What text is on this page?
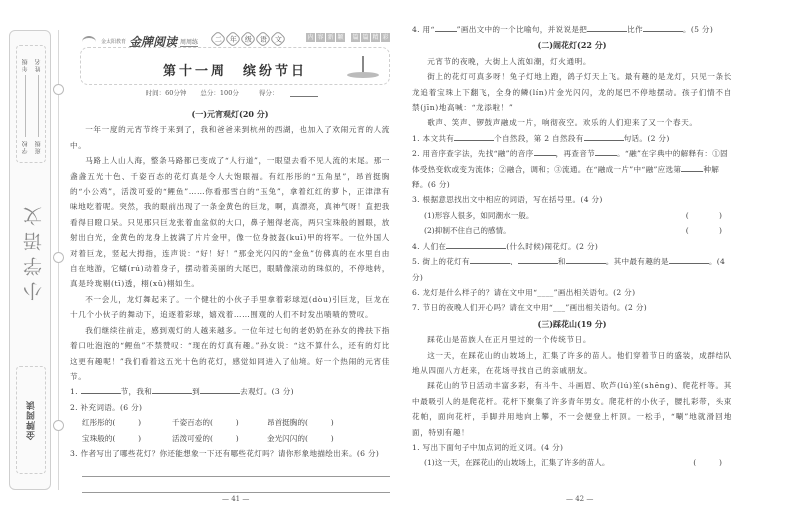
年级
学校
姓名
班级
小学语文
金牌阅读
金太阳教育 金牌阅读 周周练	二	年	级	语	文	内 容 新 颖 篇 篇 精 彩
第十一周　缤纷节日
时间：60分钟 总分：100分	得分：
(一)元宵观灯(20 分)

一年一度的元宵节终于来到了，我和爸爸来到杭州的西湖，也加入了欢闹元宵的人流中。

马路上人山人海，整条马路都已变成了“人行道”，一眼望去看不见人流的末尾。那一盏盏五光十色、千姿百态的花灯真是令人大饱眼福。有红彤彤的“五角星”，昂首挺胸的“小公鸡”，活泼可爱的“鲤鱼”……你看那雪白的“玉兔”，拿着红红的萝卜，正津津有味地吃着呢。突然，我的眼前出现了一条金黄色的巨龙，啊，真漂亮，真神气呀！直把我看得目瞪口呆。只见那只巨龙张着血盆似的大口，鼻子翘得老高，两只宝珠般的圆眼，放射出白光，金黄色的龙身上披满了片片金甲，像一位身披盔(kuī)甲的将军。一位外国人对着巨龙，竖起大拇指，连声说：“好！好！”那金光闪闪的“金鱼”仿佛真的在水里自由自在地游，它蠕(rú)动着身子，摆动着美丽的大尾巴，眼睛像滚动的珠似的，不停地转，真是玲珑剔(tī)透，栩(xǔ)栩如生。

不一会儿，龙灯舞起来了。一个健壮的小伙子手里拿着彩球逗(dòu)引巨龙，巨龙在十几个小伙子的舞动下，追逐着彩球，嬉戏着……围观的人们不时发出啧啧的赞叹。

我们继续往前走，感到观灯的人越来越多。一位年过七旬的老奶奶在孙女的搀扶下指着口吐泡泡的“鲤鱼”不禁赞叹：“现在的灯真有趣。”孙女说：“这不算什么，还有的灯比这更有趣呢！”我们看着这五光十色的花灯，感觉如同进入了仙境。好一个热闹的元宵佳节。

1.	节，我和	到	去观灯。(3 分)
2. 补充词语。(6 分)
红彤彤的(　　　)	千姿百态的(　　　)	昂首挺胸的(　　　)
宝珠般的(　　　)	活泼可爱的(　　　)	金光闪闪的(　　　)
3. 作者写出了哪些花灯？你还能想象一下还有哪些花灯吗？请你形象地描绘出来。(6 分)
— 41 —
4. 用“	”画出文中的一个比喻句，并说说是把	比作	。(5 分)
(二)闹花灯(22 分)

元宵节的夜晚，大街上人流如潮，灯火通明。

街上的花灯可真多呀！兔子灯地上跑，鸽子灯天上飞。最有趣的是龙灯，只见一条长龙追着宝珠上下翻飞，全身的鳞(lín)片金光闪闪，龙的尾巴不停地摆动。孩子们情不自禁(jīn)地高喊：“龙添啦！”

歌声、笑声、锣鼓声融成一片，响彻夜空。欢乐的人们迎来了又一个春天。

1. 本文共有	个自然段，第 2 自然段有	句话。(2 分)
2. 用音序查字法，先找“融”的音序	，再查音节	。“融”在字典中的解释有：①固体受热变软或变为流体；②融合，调和；③流通。在“融成一片”中“融”应选第	种解释。(6 分)
3. 根据意思找出文中相应的词语，写在括号里。(4 分)
(1)形容人很多，如同潮水一般。	(　　　　)
(2)抑制不住自己的感情。	(　　　　)
4. 人们在	(什么时候)闹花灯。(2 分)
5. 街上的花灯有	、	和	。其中最有趣的是	。(4 分)
6. 龙灯是什么样子的？请在文中用“____”画出相关语句。(2 分)
7. 节日的夜晚人们开心吗？请在文中用“___”画出相关语句。(2 分)
(三)踩花山(19 分)

踩花山是苗族人在正月里过的一个传统节日。

这一天，在踩花山的山坡场上，汇集了许多的苗人。他们穿着节日的盛装，成群结队地从四面八方赶来，在花场寻找自己的亲戚朋友。

踩花山的节日活动丰富多彩，有斗牛、斗画眉、吹芦(lú)笙(shēng)、爬花杆等。其中最吸引人的是爬花杆。花杆下聚集了许多青年男女。爬花杆的小伙子，腰扎彩带，头束花帕，面向花杆，手脚并用地向上攀，不一会便登上杆顶。一松手，“唰”地就滑回地面，特别有趣！

1. 写出下面句子中加点词的近义词。(4 分)
(1)这一天，在踩花山的山坡场上，汇集了许多的苗人。	(　　　)
— 42 —
